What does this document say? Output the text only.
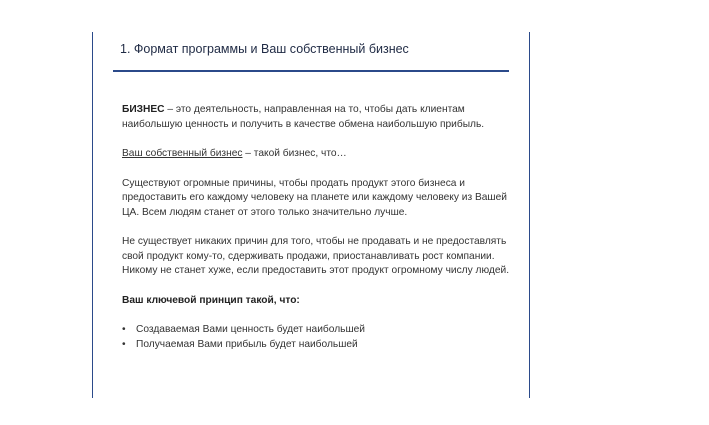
1. Формат программы и Ваш собственный бизнес

БИЗНЕС – это деятельность, направленная на то, чтобы дать клиентам наибольшую ценность и получить в качестве обмена наибольшую прибыль.

Ваш собственный бизнес – такой бизнес, что…

Существуют огромные причины, чтобы продать продукт этого бизнеса и предоставить его каждому человеку на планете или каждому человеку из Вашей ЦА. Всем людям станет от этого только значительно лучше.

Не существует никаких причин для того, чтобы не продавать и не предоставлять свой продукт кому-то, сдерживать продажи, приостанавливать рост компании. Никому не станет хуже, если предоставить этот продукт огромному числу людей.

Ваш ключевой принцип такой, что:

• Создаваемая Вами ценность будет наибольшей
• Получаемая Вами прибыль будет наибольшей
